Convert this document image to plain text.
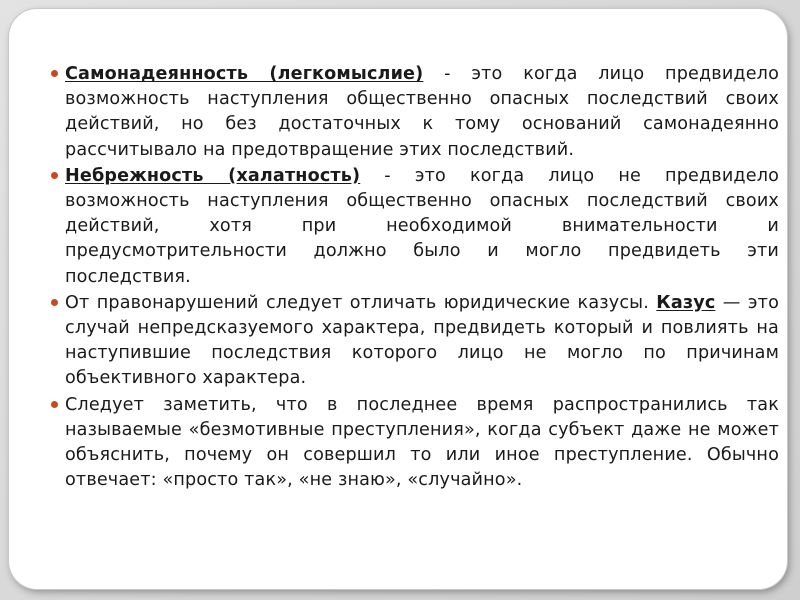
Самонадеянность (легкомыслие) - это когда лицо предвидело возможность наступления общественно опасных последствий своих действий, но без достаточных к тому оснований самонадеянно рассчитывало на предотвращение этих последствий.

Небрежность (халатность) - это когда лицо не предвидело возможность наступления общественно опасных последствий своих действий, хотя при необходимой внимательности и предусмотрительности должно было и могло предвидеть эти последствия.

От правонарушений следует отличать юридические казусы. Казус — это случай непредсказуемого характера, предвидеть который и повлиять на наступившие последствия которого лицо не могло по причинам объективного характера.

Следует заметить, что в последнее время распространились так называемые «безмотивные преступления», когда субъект даже не может объяснить, почему он совершил то или иное преступление. Обычно отвечает: «просто так», «не знаю», «случайно».
